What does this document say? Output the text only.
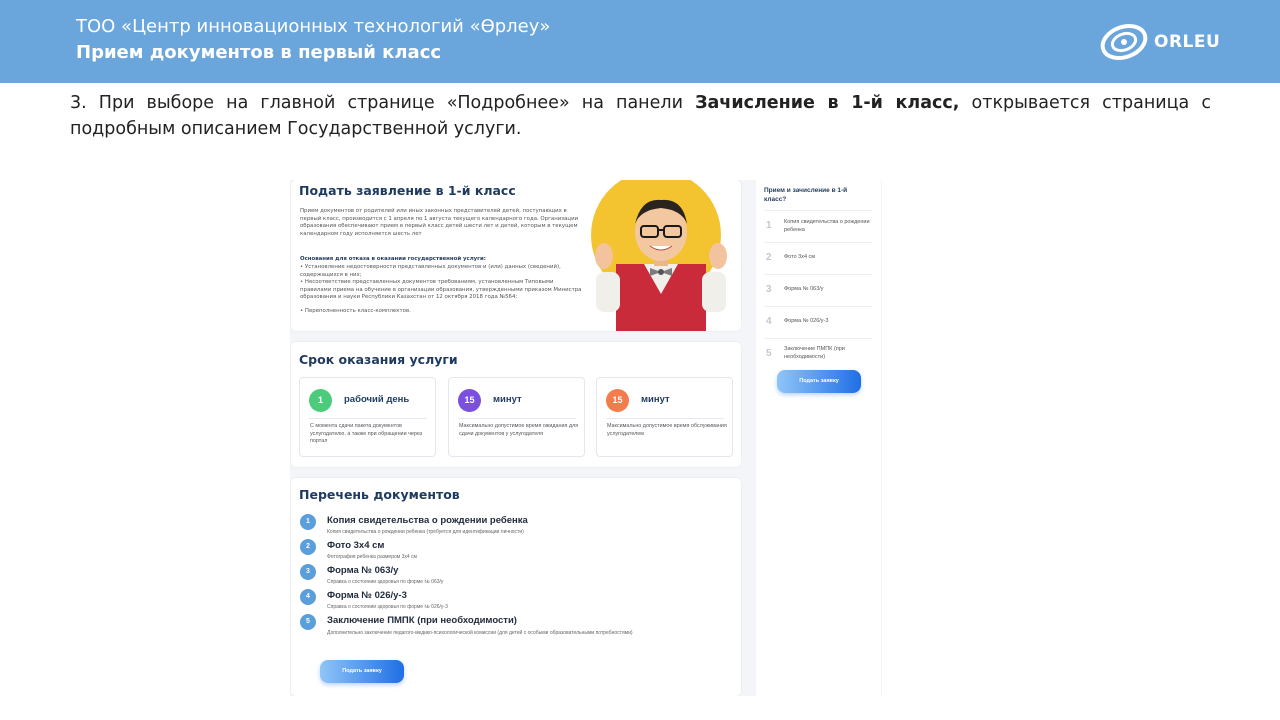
ТОО «Центр инновационных технологий «Өрлеу»
Прием документов в первый класс	ORLEU
3. При выборе на главной странице «Подробнее» на панели Зачисление в 1-й класс, открывается страница с подробным описанием Государственной услуги.
Подать заявление в 1-й класс
Прием документов от родителей или иных законных представителей детей, поступающих в первый класс, производится с 1 апреля по 1 августа текущего календарного года. Организации образования обеспечивают прием в первый класс детей шести лет и детей, которым в текущем календарном году исполняется шесть лет
Основания для отказа в оказании государственной услуги:
• Установление недостоверности представленных документов и (или) данных (сведений), содержащихся в них;
• Несоответствие представленных документов требованиям, установленным Типовыми правилами приема на обучение в организации образования, утвержденными приказом Министра образования и науки Республики Казахстан от 12 октября 2018 года №564;
• Переполненность класс-комплектов.
Срок оказания услуги
1	рабочий день
С момента сдачи пакета документов услугодателю, а также при обращении через портал
15	минут
Максимально допустимое время ожидания для сдачи документов у услугодателя
15	минут
Максимально допустимое время обслуживания услугодателем
Перечень документов
1	Копия свидетельства о рождении ребенка
Копия свидетельства о рождении ребенка (требуется для идентификации личности)
2	Фото 3х4 см
Фотография ребенка размером 3х4 см
3	Форма № 063/у
Справка о состоянии здоровья по форме № 063/у
4	Форма № 026/у-3
Справка о состоянии здоровья по форме № 026/у-3
5	Заключение ПМПК (при необходимости)
Дополнительно заключение педагого-медико-психологической комиссии (для детей с особыми образовательными потребностями)
Подать заявку
Прием и зачисление в 1-й класс?
1 Копия свидетельства о рождении ребенка
2 Фото 3х4 см
3 Форма № 063/у
4 Форма № 026/у-3
5 Заключение ПМПК (при необходимости)
Подать заявку
